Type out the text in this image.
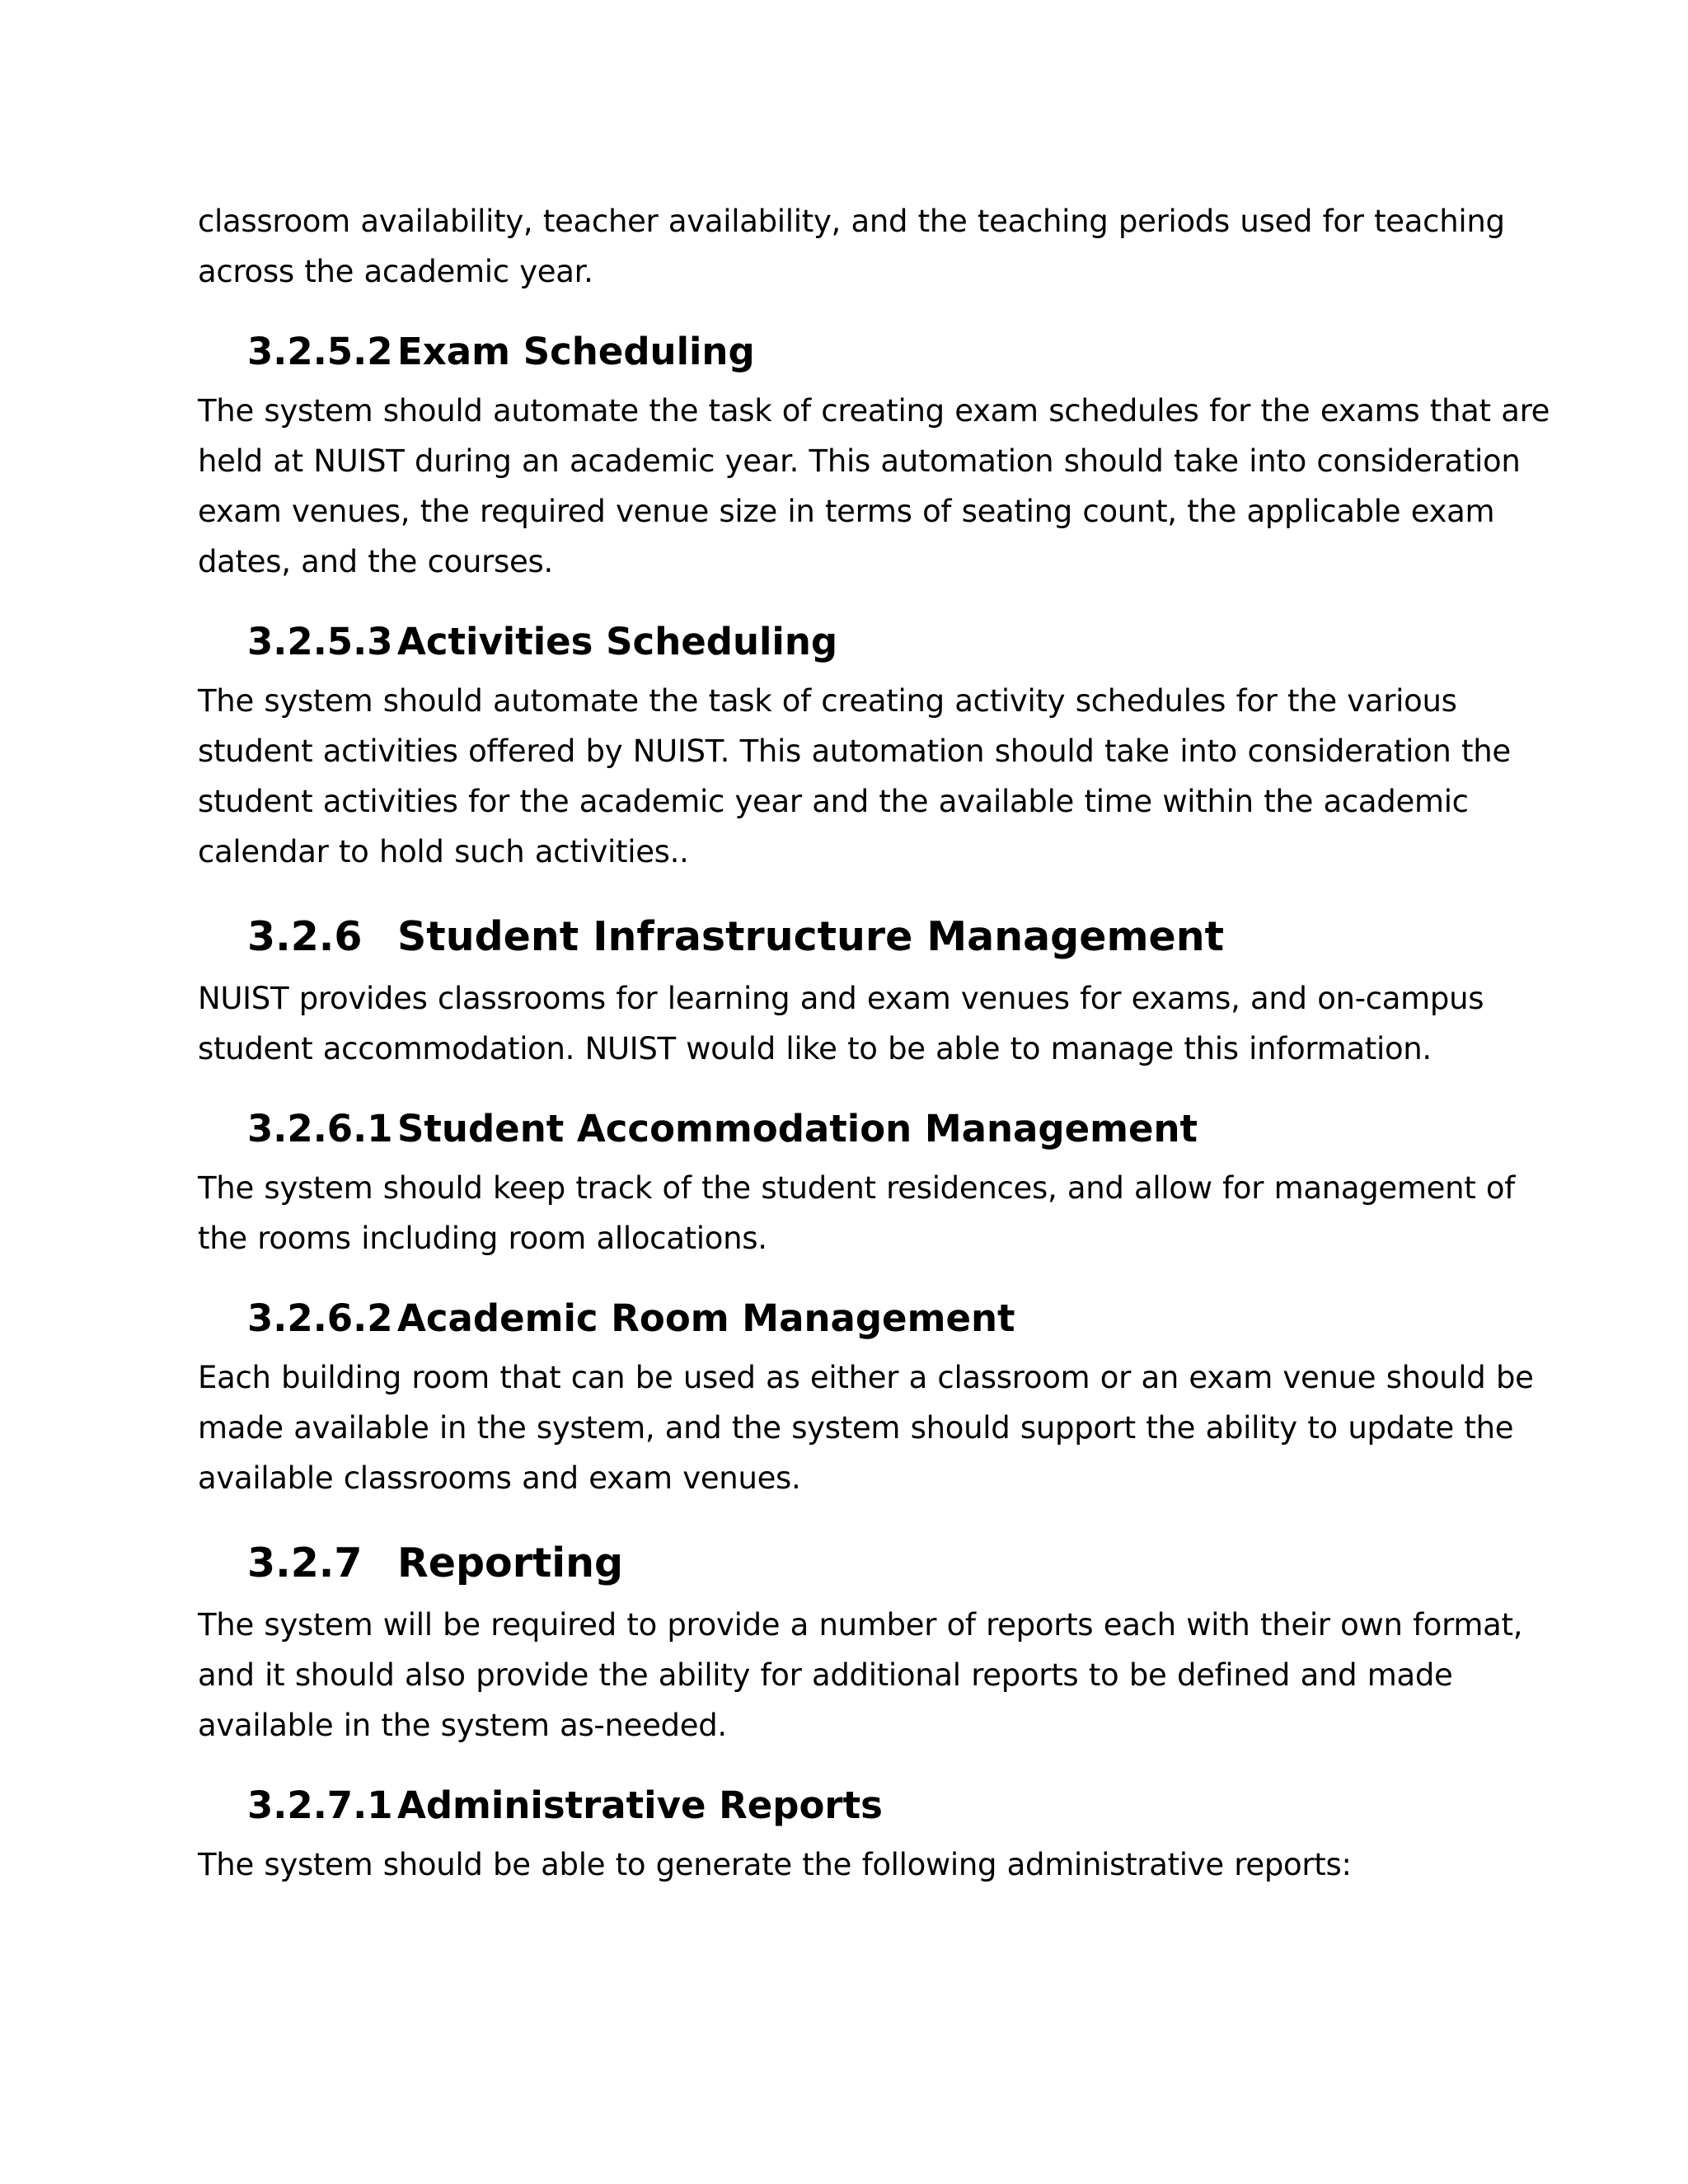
classroom availability, teacher availability, and the teaching periods used for teaching
across the academic year.

3.2.5.2 Exam Scheduling

The system should automate the task of creating exam schedules for the exams that are
held at NUIST during an academic year. This automation should take into consideration
exam venues, the required venue size in terms of seating count, the applicable exam
dates, and the courses.

3.2.5.3 Activities Scheduling

The system should automate the task of creating activity schedules for the various
student activities offered by NUIST. This automation should take into consideration the
student activities for the academic year and the available time within the academic
calendar to hold such activities..

3.2.6 Student Infrastructure Management

NUIST provides classrooms for learning and exam venues for exams, and on-campus
student accommodation. NUIST would like to be able to manage this information.

3.2.6.1 Student Accommodation Management

The system should keep track of the student residences, and allow for management of
the rooms including room allocations.

3.2.6.2 Academic Room Management

Each building room that can be used as either a classroom or an exam venue should be
made available in the system, and the system should support the ability to update the
available classrooms and exam venues.

3.2.7 Reporting

The system will be required to provide a number of reports each with their own format,
and it should also provide the ability for additional reports to be defined and made
available in the system as-needed.

3.2.7.1 Administrative Reports

The system should be able to generate the following administrative reports:
